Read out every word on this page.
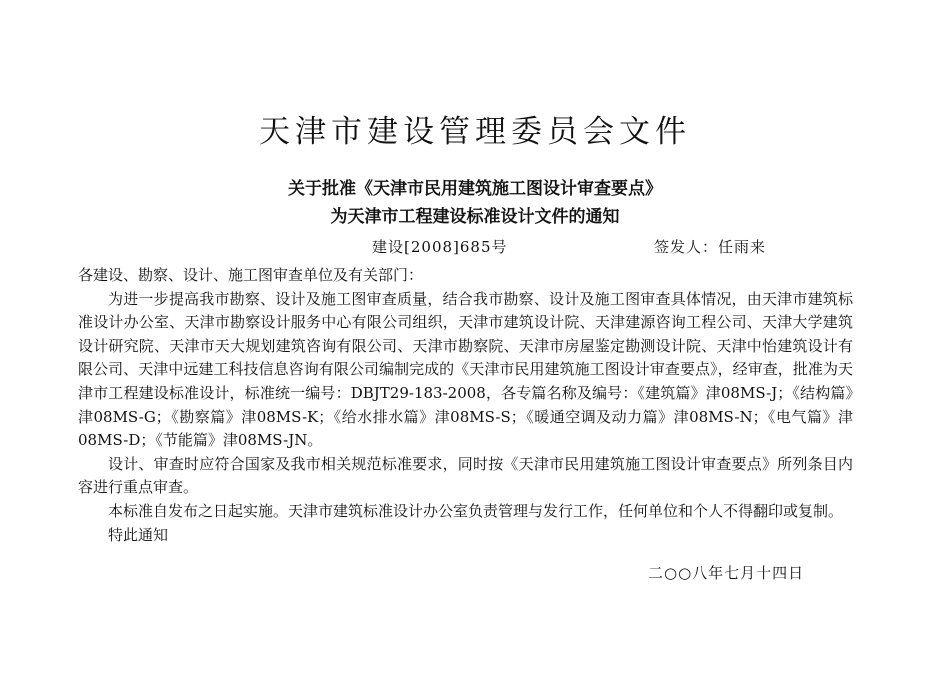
天津市建设管理委员会文件
关于批准《天津市民用建筑施工图设计审查要点》
为天津市工程建设标准设计文件的通知
建设[2008]685号	签发人：任雨来

各建设、勘察、设计、施工图审查单位及有关部门：

为进一步提高我市勘察、设计及施工图审查质量，结合我市勘察、设计及施工图审查具体情况，由天津市建筑标准设计办公室、天津市勘察设计服务中心有限公司组织，天津市建筑设计院、天津建源咨询工程公司、天津大学建筑设计研究院、天津市天大规划建筑咨询有限公司、天津市勘察院、天津市房屋鉴定勘测设计院、天津中怡建筑设计有限公司、天津中远建工科技信息咨询有限公司编制完成的《天津市民用建筑施工图设计审查要点》，经审查，批准为天津市工程建设标准设计，标准统一编号：DBJT29-183-2008，各专篇名称及编号：《建筑篇》津08MS-J；《结构篇》津08MS-G；《勘察篇》津08MS-K；《给水排水篇》津08MS-S；《暖通空调及动力篇》津08MS-N；《电气篇》津08MS-D；《节能篇》津08MS-JN。

设计、审查时应符合国家及我市相关规范标准要求，同时按《天津市民用建筑施工图设计审查要点》所列条目内容进行重点审查。

本标准自发布之日起实施。天津市建筑标准设计办公室负责管理与发行工作，任何单位和个人不得翻印或复制。

特此通知

二○○八年七月十四日
